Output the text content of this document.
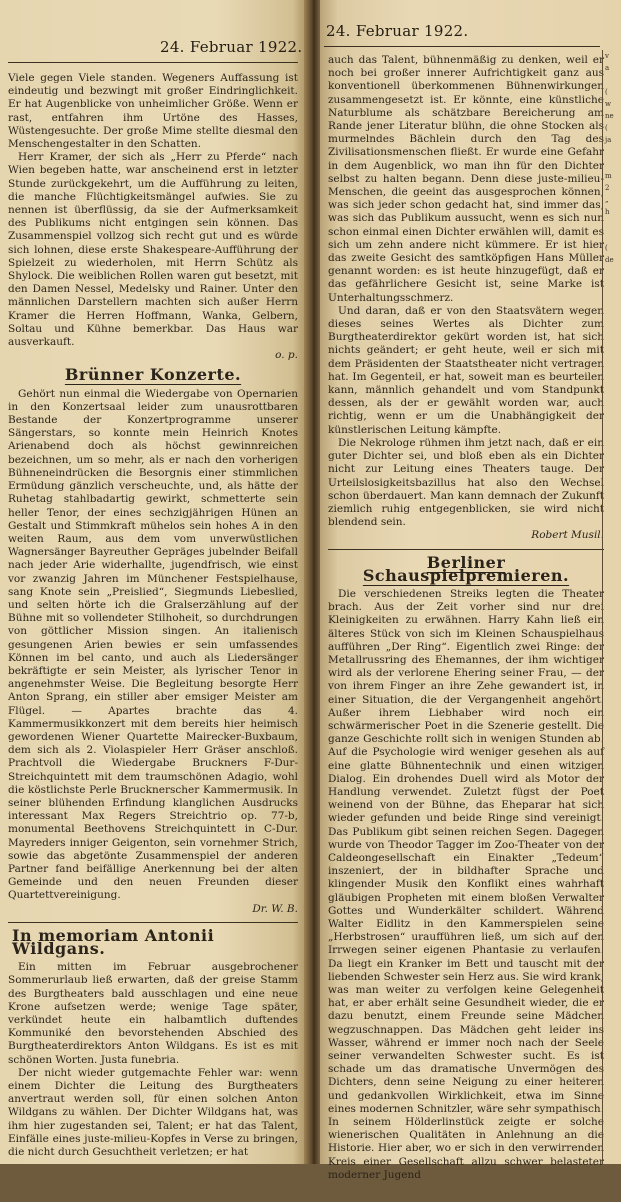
24. Februar 1922.

Viele gegen Viele standen. Wegeners Auffassung ist eindeutig und bezwingt mit großer Eindringlichkeit. Er hat Augenblicke von unheimlicher Größe. Wenn er rast, entfahren ihm Urtöne des Hasses, Wüstengesuchte. Der große Mime stellte diesmal den Menschengestalter in den Schatten.

Herr Kramer, der sich als „Herr zu Pferde“ nach Wien begeben hatte, war anscheinend erst in letzter Stunde zurückgekehrt, um die Aufführung zu leiten, die manche Flüchtigkeitsmängel aufwies. Sie zu nennen ist überflüssig, da sie der Aufmerksamkeit des Publikums nicht entgingen sein können. Das Zusammenspiel vollzog sich recht gut und es würde sich lohnen, diese erste Shakespeare-Aufführung der Spielzeit zu wiederholen, mit Herrn Schütz als Shylock. Die weiblichen Rollen waren gut besetzt, mit den Damen Nessel, Medelsky und Rainer. Unter den männlichen Darstellern machten sich außer Herrn Kramer die Herren Hoffmann, Wanka, Gelbern, Soltau und Kühne bemerkbar. Das Haus war ausverkauft.

o. p.
Brünner Konzerte.

Gehört nun einmal die Wiedergabe von Opernarien in den Konzertsaal leider zum unausrottbaren Bestande der Konzertprogramme unserer Sängerstars, so konnte mein Heinrich Knotes Arienabend doch als höchst gewinnreichen bezeichnen, um so mehr, als er nach den vorherigen Bühneneindrücken die Besorgnis einer stimmlichen Ermüdung gänzlich verscheuchte, und, als hätte der Ruhetag stahlbadartig gewirkt, schmetterte sein heller Tenor, der eines sechzigjährigen Hünen an Gestalt und Stimmkraft mühelos sein hohes A in den weiten Raum, aus dem vom unverwüstlichen Wagnersänger Bayreuther Gepräges jubelnder Beifall nach jeder Arie widerhallte, jugendfrisch, wie einst vor zwanzig Jahren im Münchener Festspielhause, sang Knote sein „Preislied“, Siegmunds Liebeslied, und selten hörte ich die Gralserzählung auf der Bühne mit so vollendeter Stilhoheit, so durchdrungen von göttlicher Mission singen. An italienisch gesungenen Arien bewies er sein umfassendes Können im bel canto, und auch als Liedersänger bekräftigte er sein Meister, als lyrischer Tenor in angenehmster Weise. Die Begleitung besorgte Herr Anton Sprang, ein stiller aber emsiger Meister am Flügel. — Apartes brachte das 4. Kammermusikkonzert mit dem bereits hier heimisch gewordenen Wiener Quartette Mairecker-Buxbaum, dem sich als 2. Violaspieler Herr Gräser anschloß. Prachtvoll die Wiedergabe Bruckners F-Dur-Streichquintett mit dem traumschönen Adagio, wohl die köstlichste Perle Brucknerscher Kammermusik. In seiner blühenden Erfindung klanglichen Ausdrucks interessant Max Regers Streichtrio op. 77-b, monumental Beethovens Streichquintett in C-Dur. Mayreders inniger Geigenton, sein vornehmer Strich, sowie das abgetönte Zusammenspiel der anderen Partner fand beifällige Anerkennung bei der alten Gemeinde und den neuen Freunden dieser Quartettvereinigung.

Dr. W. B.
In memoriam Antonii Wildgans.

Ein mitten im Februar ausgebrochener Sommerurlaub ließ erwarten, daß der greise Stamm des Burgtheaters bald ausschlagen und eine neue Krone aufsetzen werde; wenige Tage später, verkündet heute ein halbamtlich duftendes Kommuniké den bevorstehenden Abschied des Burgtheaterdirektors Anton Wildgans. Es ist es mit schönen Worten. Justa funebria.

Der nicht wieder gutgemachte Fehler war: wenn einem Dichter die Leitung des Burgtheaters anvertraut werden soll, für einen solchen Anton Wildgans zu wählen. Der Dichter Wildgans hat, was ihm hier zugestanden sei, Talent; er hat das Talent, Einfälle eines juste-milieu-Kopfes in Verse zu bringen, die nicht durch Gesuchtheit verletzen; er hat

24. Februar 1922.

auch das Talent, bühnenmäßig zu denken, weil er noch bei großer innerer Aufrichtigkeit ganz aus konventionell überkommenen Bühnenwirkungen zusammengesetzt ist. Er könnte, eine künstliche Naturblume als schätzbare Bereicherung am Rande jener Literatur blühn, die ohne Stocken als murmelndes Bächlein durch den Tag des Zivilisationsmenschen fließt. Er wurde eine Gefahr in dem Augenblick, wo man ihn für den Dichter selbst zu halten begann. Denn diese juste-milieu-Menschen, die geeint das ausgesprochen können, was sich jeder schon gedacht hat, sind immer das, was sich das Publikum aussucht, wenn es sich nun schon einmal einen Dichter erwählen will, damit es sich um zehn andere nicht kümmere. Er ist hier das zweite Gesicht des samtköpfigen Hans Müller genannt worden: es ist heute hinzugefügt, daß er das gefährlichere Gesicht ist, seine Marke ist Unterhaltungsschmerz.

Und daran, daß er von den Staatsvätern wegen dieses seines Wertes als Dichter zum Burgtheaterdirektor gekürt worden ist, hat sich nichts geändert; er geht heute, weil er sich mit dem Präsidenten der Staatstheater nicht vertragen hat. Im Gegenteil, er hat, soweit man es beurteilen kann, männlich gehandelt und vom Standpunkt dessen, als der er gewählt worden war, auch richtig, wenn er um die Unabhängigkeit der künstlerischen Leitung kämpfte.

Die Nekrologe rühmen ihm jetzt nach, daß er ein guter Dichter sei, und bloß eben als ein Dichter nicht zur Leitung eines Theaters tauge. Der Urteilslosigkeitsbazillus hat also den Wechsel schon überdauert. Man kann demnach der Zukunft ziemlich ruhig entgegenblicken, sie wird nicht blendend sein.

Robert Musil.
Berliner Schauspielpremieren.

Die verschiedenen Streiks legten die Theater brach. Aus der Zeit vorher sind nur drei Kleinigkeiten zu erwähnen. Harry Kahn ließ ein älteres Stück von sich im Kleinen Schauspielhaus aufführen „Der Ring“. Eigentlich zwei Ringe: der Metallrussring des Ehemannes, der ihm wichtiger wird als der verlorene Ehering seiner Frau, — der von ihrem Finger an ihre Zehe gewandert ist, in einer Situation, die der Vergangenheit angehört. Außer ihrem Liebhaber wird noch ein schwärmerischer Poet in die Szenerie gestellt. Die ganze Geschichte rollt sich in wenigen Stunden ab. Auf die Psychologie wird weniger gesehen als auf eine glatte Bühnentechnik und einen witzigen Dialog. Ein drohendes Duell wird als Motor der Handlung verwendet. Zuletzt fügst der Poet weinend von der Bühne, das Eheparar hat sich wieder gefunden und beide Ringe sind vereinigt. Das Publikum gibt seinen reichen Segen. Dagegen wurde von Theodor Tagger im Zoo-Theater von der Caldeongesellschaft ein Einakter „Tedeum“ inszeniert, der in bildhafter Sprache und klingender Musik den Konflikt eines wahrhaft gläubigen Propheten mit einem bloßen Verwalter Gottes und Wunderkälter schildert. Während Walter Eidlitz in den Kammerspielen seine „Herbstrosen“ uraufführen ließ, um sich auf den Irrwegen seiner eigenen Phantasie zu verlaufen. Da liegt ein Kranker im Bett und tauscht mit der liebenden Schwester sein Herz aus. Sie wird krank, was man weiter zu verfolgen keine Gelegenheit hat, er aber erhält seine Gesundheit wieder, die er dazu benutzt, einem Freunde seine Mädchen wegzuschnappen. Das Mädchen geht leider ins Wasser, während er immer noch nach der Seele seiner verwandelten Schwester sucht. Es ist schade um das dramatische Unvermögen des Dichters, denn seine Neigung zu einer heiteren und gedankvollen Wirklichkeit, etwa im Sinne eines modernen Schnitzler, wäre sehr sympathisch. In seinem Hölderlinstück zeigte er solche wienerischen Qualitäten in Anlehnung an die Historie. Hier aber, wo er sich in den verwirrenden Kreis einer Gesellschaft allzu schwer belasteter moderner Jugend

v
a
(
w
ne
(
ja
m
2
„
h
(
de
